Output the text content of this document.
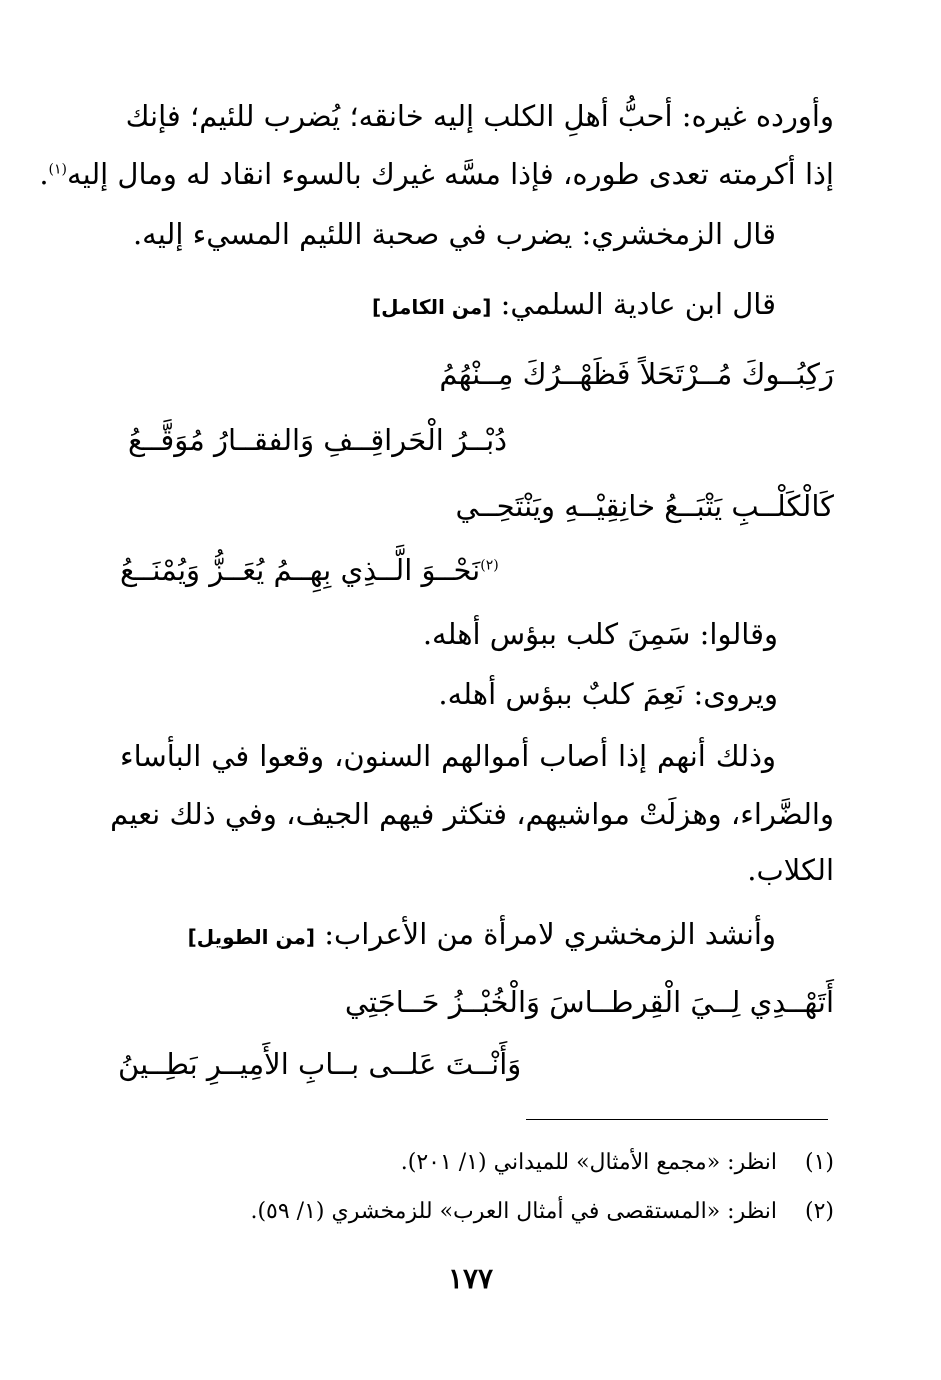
وأورده غيره: أحبُّ أهلِ الكلب إليه خانقه؛ يُضرب للئيم؛ فإنك
إذا أكرمته تعدى طوره، فإذا مسَّه غيرك بالسوء انقاد له ومال إليه$^{(١)}$.
قال الزمخشري: يضرب في صحبة اللئيم المسيء إليه.
قال ابن عادية السلمي: [من الكامل]
رَكِبُــوكَ مُــرْتَحَلاً فَظَهْــرُكَ مِــنْهُمُ
دُبْــرُ الْحَراقِــفِ وَالفقــارُ مُوَقَّــعُ
كَالْكَلْــبِ يَتْبَــعُ خانِقِيْــهِ ويَنْتَحِــي
$^{(٢)}$نَحْــوَ الَّــذِي بِهِــمُ يُعَــزُّ وَيُمْنَــعُ
وقالوا: سَمِنَ كلب ببؤس أهله.
ويروى: نَعِمَ كلبٌ ببؤس أهله.
وذلك أنهم إذا أصاب أموالهم السنون، وقعوا في البأساء
والضَّراء، وهزلَتْ مواشيهم، فتكثر فيهم الجيف، وفي ذلك نعيم
الكلاب.
وأنشد الزمخشري لامرأة من الأعراب: [من الطويل]
أَتَهْــدِي لِــيَ الْقِرطــاسَ وَالْخُبْــزُ حَــاجَتِي
وَأَنْــتَ عَلــى بــابِ الأَمِيــرِ بَطِــينُ
(١)    انظر: «مجمع الأمثال» للميداني (١/ ٢٠١).
(٢)    انظر: «المستقصى في أمثال العرب» للزمخشري (١/ ٥٩).
١٧٧
